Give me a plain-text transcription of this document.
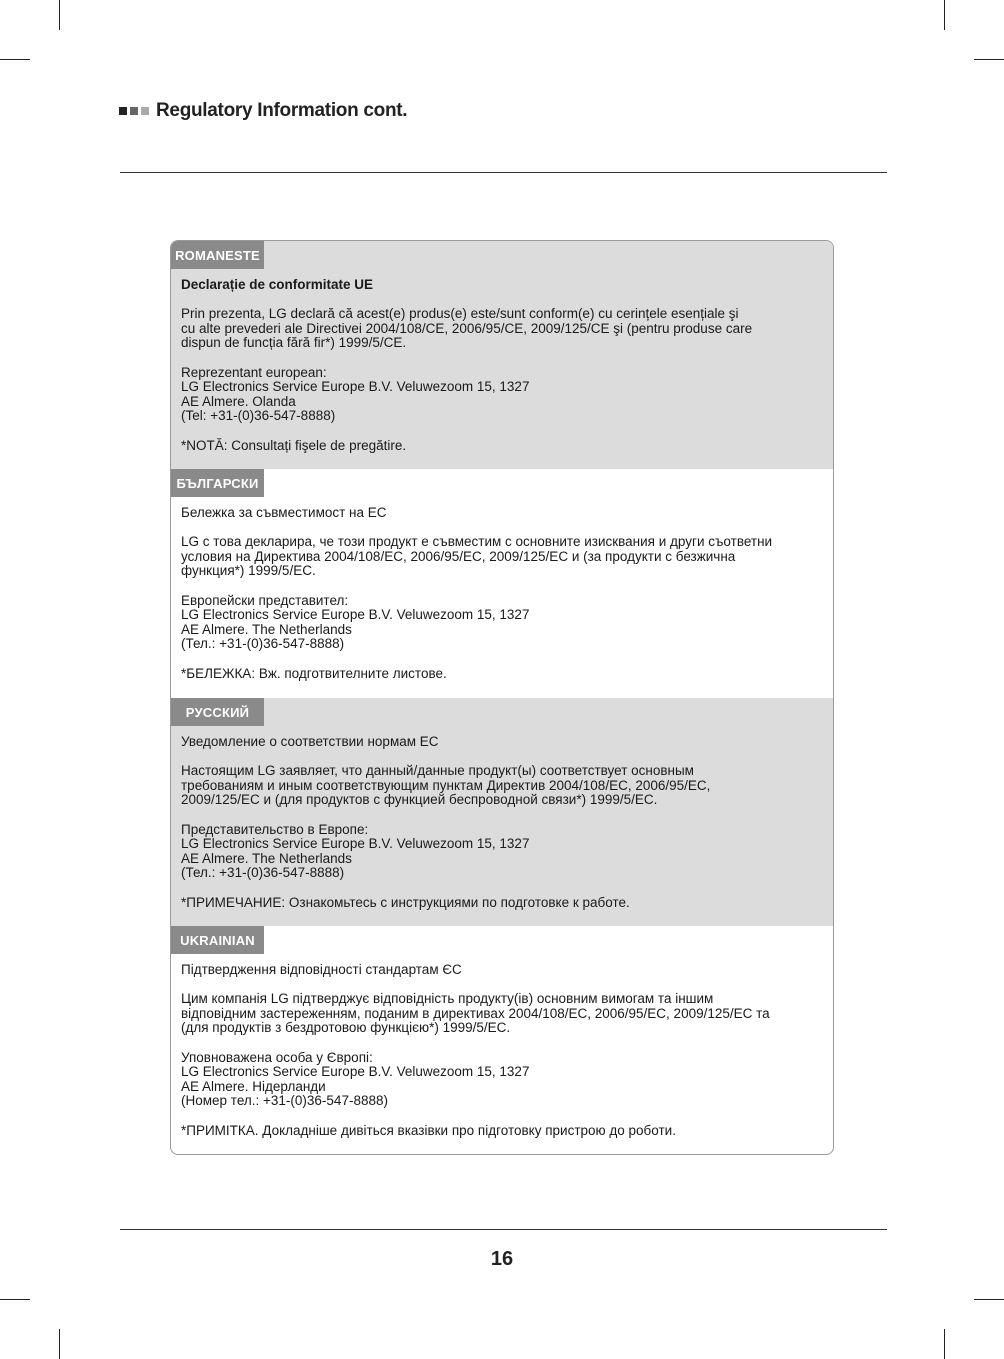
Regulatory Information cont.
ROMANESTE

Declarație de conformitate UE

Prin prezenta, LG declară că acest(e) produs(e) este/sunt conform(e) cu cerințele esențiale şi
cu alte prevederi ale Directivei 2004/108/CE, 2006/95/CE, 2009/125/CE şi (pentru produse care
dispun de funcția fără fir*) 1999/5/CE.

Reprezentant european:
LG Electronics Service Europe B.V. Veluwezoom 15, 1327
AE Almere. Olanda
(Tel: +31-(0)36-547-8888)

*NOTĂ: Consultați fişele de pregătire.

БЪЛГАРСКИ

Бележка за съвместимост на ЕС

LG с това декларира, че този продукт е съвместим с основните изисквания и други съответни
условия на Директива 2004/108/ЕС, 2006/95/ЕС, 2009/125/ЕС и (за продукти с безжична
функция*) 1999/5/ЕС.

Европейски представител:
LG Electronics Service Europe B.V. Veluwezoom 15, 1327
AE Almere. The Netherlands
(Тел.: +31-(0)36-547-8888)

*БЕЛЕЖКА: Вж. подготвителните листове.

РУССКИЙ

Уведомление о соответствии нормам ЕС

Настоящим LG заявляет, что данный/данные продукт(ы) соответствует основным
требованиям и иным соответствующим пунктам Директив 2004/108/ЕС, 2006/95/ЕС,
2009/125/ЕС и (для продуктов с функцией беспроводной связи*) 1999/5/ЕС.

Представительство в Европе:
LG Electronics Service Europe B.V. Veluwezoom 15, 1327
AE Almere. The Netherlands
(Тел.: +31-(0)36-547-8888)

*ПРИМЕЧАНИЕ: Ознакомьтесь с инструкциями по подготовке к работе.

UKRAINIAN

Підтвердження відповідності стандартам ЄС

Цим компанія LG підтверджує відповідність продукту(ів) основним вимогам та іншим
відповідним застереженням, поданим в директивах 2004/108/EC, 2006/95/EC, 2009/125/EC та
(для продуктів з бездротовою функцією*) 1999/5/EC.

Уповноважена особа у Європі:
LG Electronics Service Europe B.V. Veluwezoom 15, 1327
AE Almere. Нідерланди
(Номер тел.: +31-(0)36-547-8888)

*ПРИМІТКА. Докладніше дивіться вказівки про підготовку пристрою до роботи.

16
